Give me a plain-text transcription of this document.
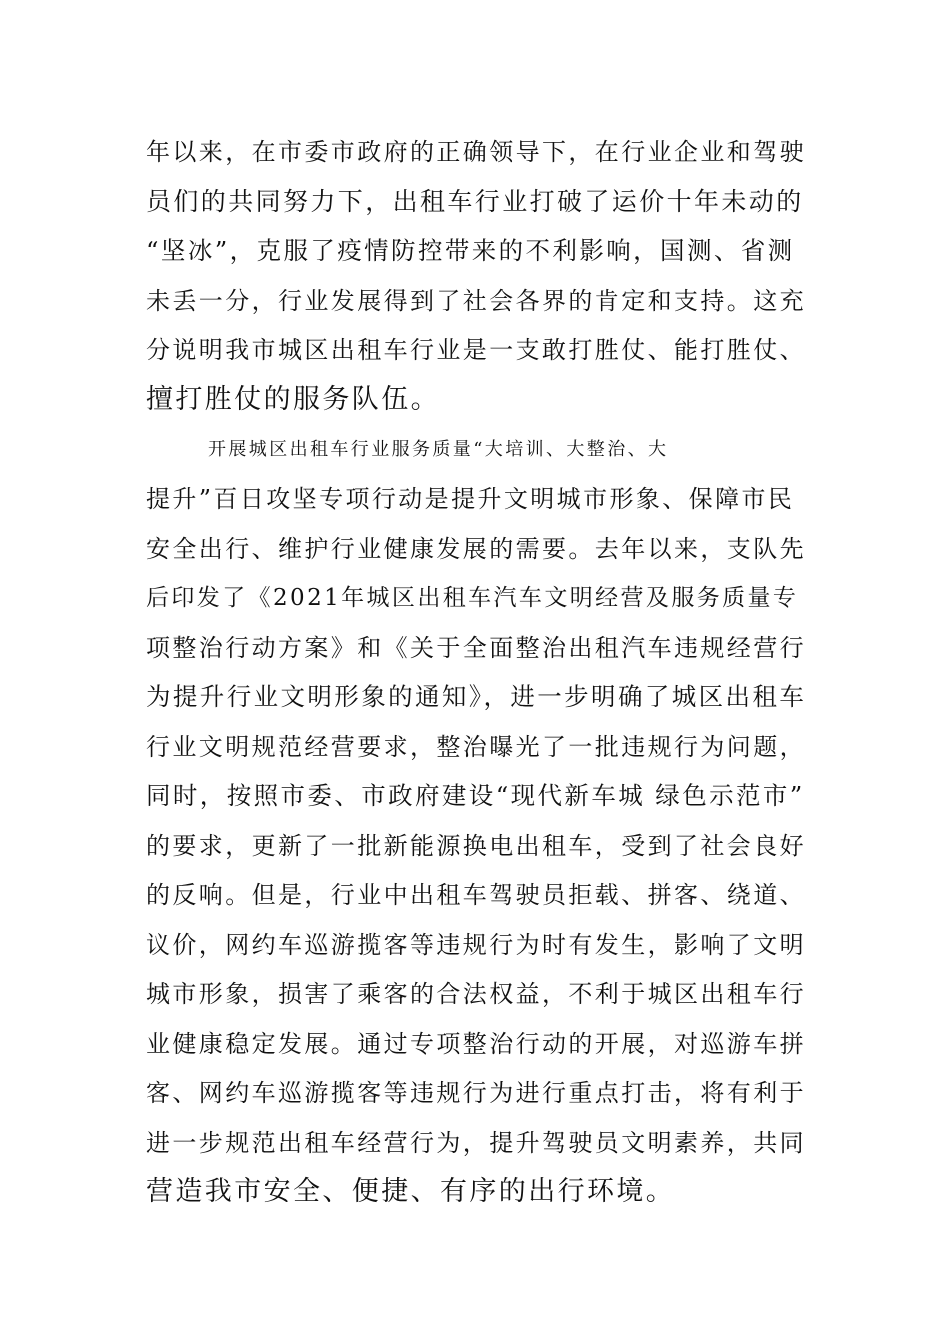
年以来，在市委市政府的正确领导下，在行业企业和驾驶
员们的共同努力下，出租车行业打破了运价十年未动的
“坚冰”，克服了疫情防控带来的不利影响，国测、省测
未丢一分，行业发展得到了社会各界的肯定和支持。这充
分说明我市城区出租车行业是一支敢打胜仗、能打胜仗、
擅打胜仗的服务队伍。
开展城区出租车行业服务质量“大培训、大整治、大
提升”百日攻坚专项行动是提升文明城市形象、保障市民
安全出行、维护行业健康发展的需要。去年以来，支队先
后印发了《2021年城区出租车汽车文明经营及服务质量专
项整治行动方案》和《关于全面整治出租汽车违规经营行
为提升行业文明形象的通知》，进一步明确了城区出租车
行业文明规范经营要求，整治曝光了一批违规行为问题，
同时，按照市委、市政府建设“现代新车城 绿色示范市”
的要求，更新了一批新能源换电出租车，受到了社会良好
的反响。但是，行业中出租车驾驶员拒载、拼客、绕道、
议价，网约车巡游揽客等违规行为时有发生，影响了文明
城市形象，损害了乘客的合法权益，不利于城区出租车行
业健康稳定发展。通过专项整治行动的开展，对巡游车拼
客、网约车巡游揽客等违规行为进行重点打击，将有利于
进一步规范出租车经营行为，提升驾驶员文明素养，共同
营造我市安全、便捷、有序的出行环境。
